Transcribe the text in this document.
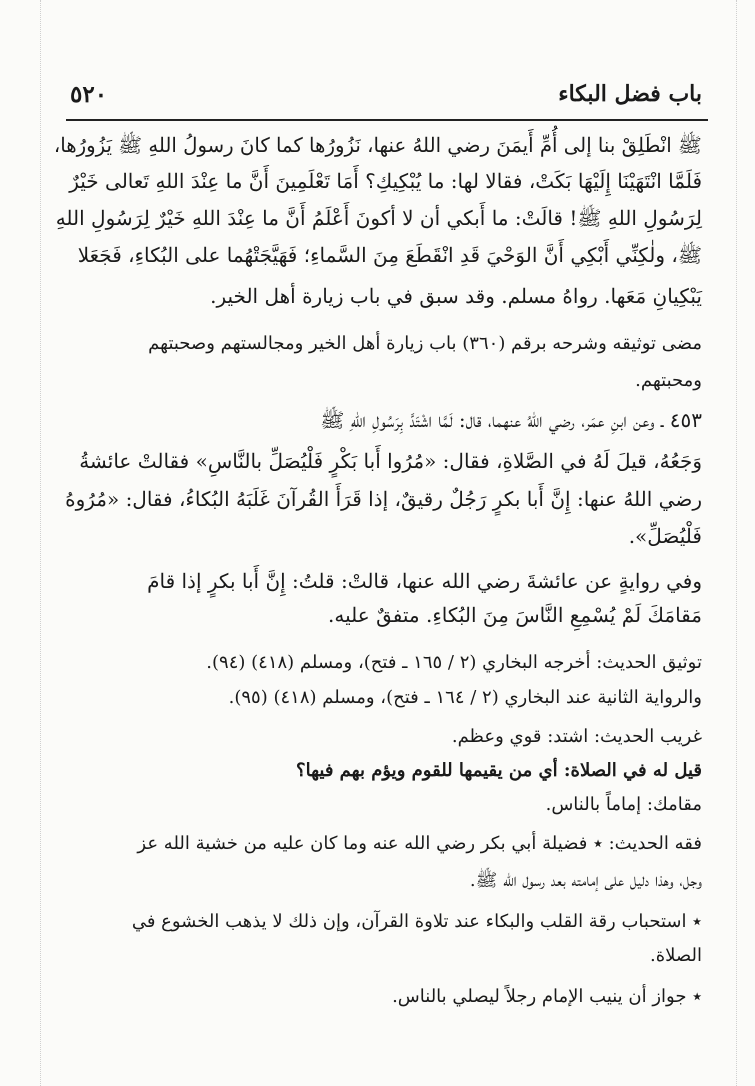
باب فضل البكاء
٥٢٠
ﷺ انْطَلِقْ بنا إلى أُمِّ أَيمَنَ رضي اللهُ عنها، نَزُورُها كما كانَ رسولُ اللهِ ﷺ يَزُورُها،
فَلَمَّا انْتَهَيْنَا إِلَيْهَا بَكَتْ، فقالا لها: ما يُبْكِيكِ؟ أَمَا تَعْلَمِينَ أَنَّ ما عِنْدَ اللهِ تَعالى خَيْرٌ
لِرَسُولِ اللهِ ﷺ! قالَتْ: ما أَبكي أن لا أكونَ أَعْلَمُ أَنَّ ما عِنْدَ اللهِ خَيْرٌ لِرَسُولِ اللهِ
ﷺ، ولٰكِنِّي أَبْكِي أَنَّ الوَحْيَ قَدِ انْقَطَعَ مِنَ السَّماءِ؛ فَهَيَّجَتْهُما على البُكاءِ، فَجَعَلا
يَبْكِيانِ مَعَها. رواهُ مسلم. وقد سبق في باب زيارة أهل الخير.
مضى توثيقه وشرحه برقم (٣٦٠) باب زيارة أهل الخير ومجالستهم وصحبتهم
ومحبتهم.
٤٥٣ ـ وعن ابنِ عمَر، رضي اللهُ عنهما، قال: لَمَّا اشْتَدَّ بِرَسُولِ اللهِ ﷺ
وَجَعُهُ، قيلَ لَهُ في الصَّلاةِ، فقال: «مُرُوا أَبا بَكْرٍ فَلْيُصَلِّ بالنَّاسِ» فقالتْ عائشةُ
رضي اللهُ عنها: إِنَّ أَبا بكرٍ رَجُلٌ رقيقٌ، إذا قَرَأَ القُرآنَ غَلَبَهُ البُكاءُ، فقال: «مُرُوهُ
فَلْيُصَلِّ».
وفي روايةٍ عن عائشةَ رضي الله عنها، قالتْ: قلتُ: إِنَّ أَبا بكرٍ إذا قامَ
مَقامَكَ لَمْ يُسْمِعِ النَّاسَ مِنَ البُكاءِ. متفقٌ عليه.
توثيق الحديث: أخرجه البخاري (٢ / ١٦٥ ـ فتح)، ومسلم (٤١٨) (٩٤).
والرواية الثانية عند البخاري (٢ / ١٦٤ ـ فتح)، ومسلم (٤١٨) (٩٥).
غريب الحديث: اشتد: قوي وعظم.
قيل له في الصلاة: أي من يقيمها للقوم ويؤم بهم فيها؟
مقامك: إماماً بالناس.
فقه الحديث: ٭ فضيلة أبي بكر رضي الله عنه وما كان عليه من خشية الله عز
وجل، وهذا دليل على إمامته بعد رسول الله ﷺ.
٭ استحباب رقة القلب والبكاء عند تلاوة القرآن، وإن ذلك لا يذهب الخشوع في
الصلاة.
٭ جواز أن ينيب الإمام رجلاً ليصلي بالناس.
